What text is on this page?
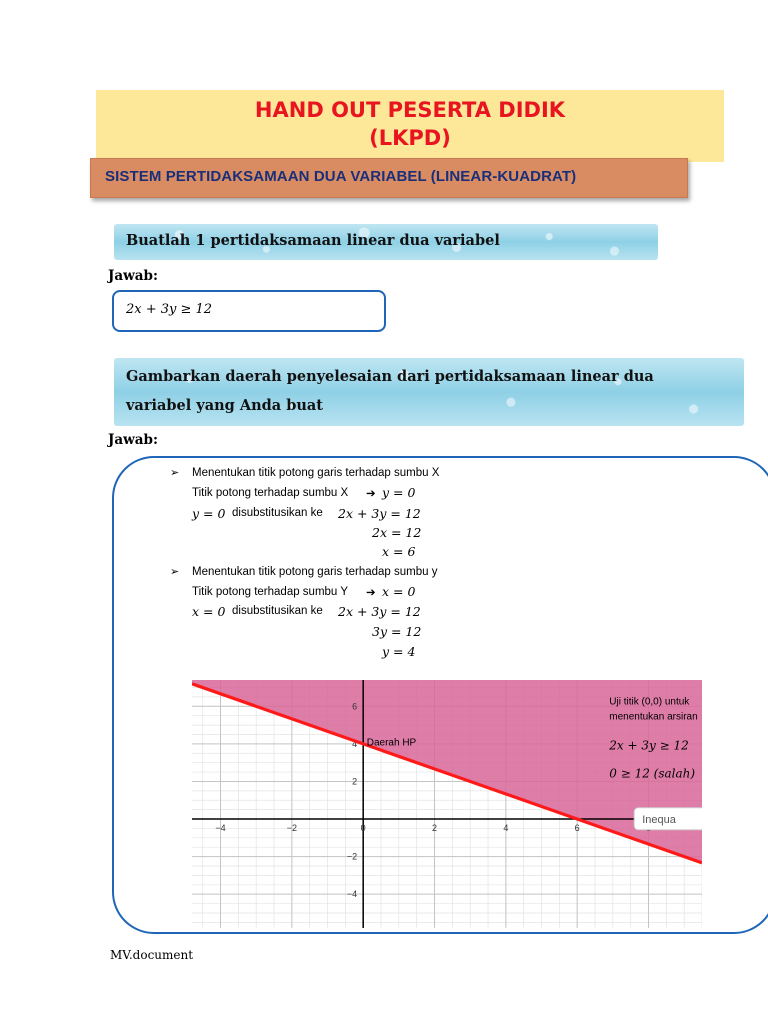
HAND OUT PESERTA DIDIK
(LKPD)
SISTEM PERTIDAKSAMAAN DUA VARIABEL (LINEAR-KUADRAT)
Buatlah 1 pertidaksamaan linear dua variabel
Jawab:
2x + 3y ≥ 12
Gambarkan daerah penyelesaian dari pertidaksamaan linear dua
variabel yang Anda buat
Jawab:
➢ Menentukan titik potong garis terhadap sumbu X
Titik potong terhadap sumbu X ➔ y = 0
y = 0 disubstitusikan ke 2x + 3y = 12
2x = 12
x = 6
➢ Menentukan titik potong garis terhadap sumbu y
Titik potong terhadap sumbu Y ➔ x = 0
x = 0 disubstitusikan ke 2x + 3y = 12
3y = 12
y = 4
−4	−2	0	2	4	6
−4
−2
2
4
6
Daerah HP
Uji titik (0,0) untuk
menentukan arsiran
2x + 3y ≥ 12
0 ≥ 12 (salah)
Inequa
MV.document
